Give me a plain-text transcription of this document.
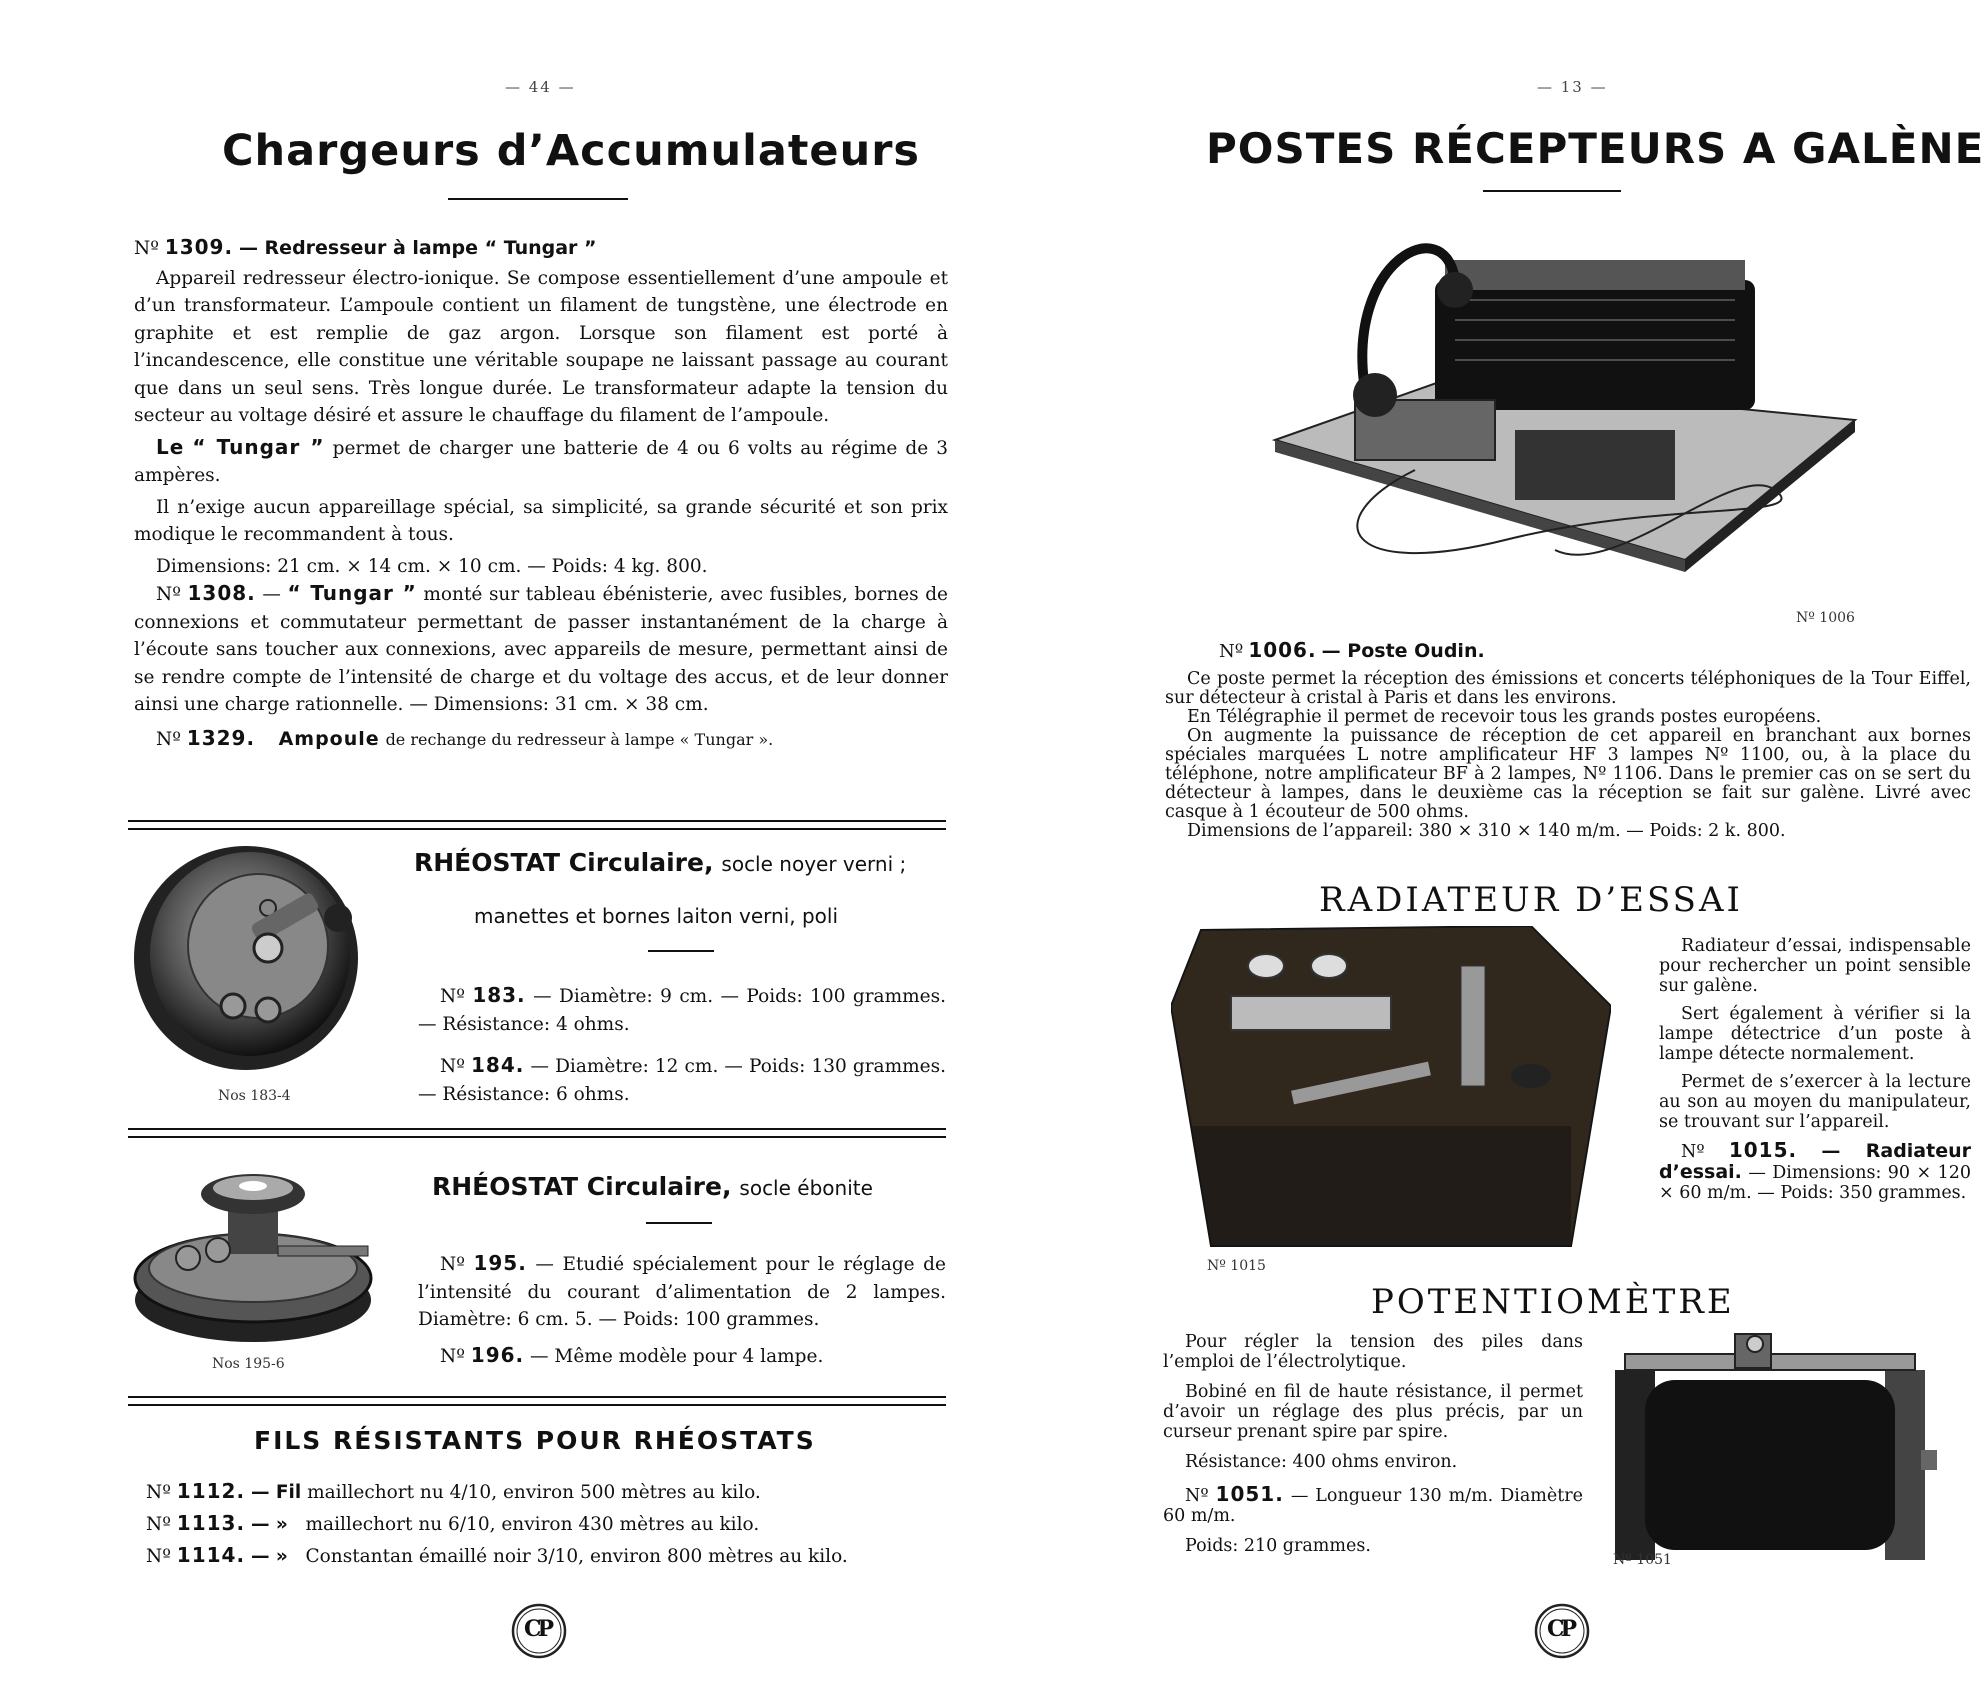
— 44 —
Chargeurs d’Accumulateurs

Nº 1309. — Redresseur à lampe “ Tungar ”

Appareil redresseur électro-ionique. Se compose essentiellement d’une ampoule et d’un transformateur. L’ampoule contient un filament de tungstène, une électrode en graphite et est remplie de gaz argon. Lorsque son filament est porté à l’incandescence, elle constitue une véritable soupape ne laissant passage au courant que dans un seul sens. Très longue durée. Le transformateur adapte la tension du secteur au voltage désiré et assure le chauffage du filament de l’ampoule.

Le “ Tungar ” permet de charger une batterie de 4 ou 6 volts au régime de 3 ampères.

Il n’exige aucun appareillage spécial, sa simplicité, sa grande sécurité et son prix modique le recommandent à tous.

Dimensions: 21 cm. × 14 cm. × 10 cm. — Poids: 4 kg. 800.

Nº 1308. — “ Tungar ” monté sur tableau ébénisterie, avec fusibles, bornes de connexions et commutateur permettant de passer instantanément de la charge à l’écoute sans toucher aux connexions, avec appareils de mesure, permettant ainsi de se rendre compte de l’intensité de charge et du voltage des accus, et de leur donner ainsi une charge rationnelle. — Dimensions: 31 cm. × 38 cm.

Nº 1329. Ampoule de rechange du redresseur à lampe « Tungar ».

Nos 183-4
RHÉOSTAT Circulaire, socle noyer verni ;
manettes et bornes laiton verni, poli

Nº 183. — Diamètre: 9 cm. — Poids: 100 grammes. — Résistance: 4 ohms.

Nº 184. — Diamètre: 12 cm. — Poids: 130 grammes. — Résistance: 6 ohms.

Nos 195-6
RHÉOSTAT Circulaire, socle ébonite

Nº 195. — Etudié spécialement pour le réglage de l’intensité du courant d’alimentation de 2 lampes. Diamètre: 6 cm. 5. — Poids: 100 grammes.

Nº 196. — Même modèle pour 4 lampe.

FILS RÉSISTANTS POUR RHÉOSTATS

Nº 1112. — Fil maillechort nu 4/10, environ 500 mètres au kilo.

Nº 1113. — » maillechort nu 6/10, environ 430 mètres au kilo.

Nº 1114. — » Constantan émaillé noir 3/10, environ 800 mètres au kilo.

CP
— 13 —
POSTES RÉCEPTEURS A GALÈNE
Nº 1006
Nº 1006. — Poste Oudin.

Ce poste permet la réception des émissions et concerts téléphoniques de la Tour Eiffel, sur détecteur à cristal à Paris et dans les environs.

En Télégraphie il permet de recevoir tous les grands postes européens.

On augmente la puissance de réception de cet appareil en branchant aux bornes spéciales marquées L notre amplificateur HF 3 lampes Nº 1100, ou, à la place du téléphone, notre amplificateur BF à 2 lampes, Nº 1106. Dans le premier cas on se sert du détecteur à lampes, dans le deuxième cas la réception se fait sur galène. Livré avec casque à 1 écouteur de 500 ohms.

Dimensions de l’appareil: 380 × 310 × 140 m/m. — Poids: 2 k. 800.

RADIATEUR D’ESSAI
Nº 1015

Radiateur d’essai, indispensable pour rechercher un point sensible sur galène.

Sert également à vérifier si la lampe détectrice d’un poste à lampe détecte normalement.

Permet de s’exercer à la lecture au son au moyen du manipulateur, se trouvant sur l’appareil.

Nº 1015. — Radiateur d’essai. — Dimensions: 90 × 120 × 60 m/m. — Poids: 350 grammes.

POTENTIOMÈTRE

Pour régler la tension des piles dans l’emploi de l’électrolytique.

Bobiné en fil de haute résistance, il permet d’avoir un réglage des plus précis, par un curseur prenant spire par spire.

Résistance: 400 ohms environ.

Nº 1051. — Longueur 130 m/m. Diamètre 60 m/m.

Poids: 210 grammes.

Nº 1051
CP
